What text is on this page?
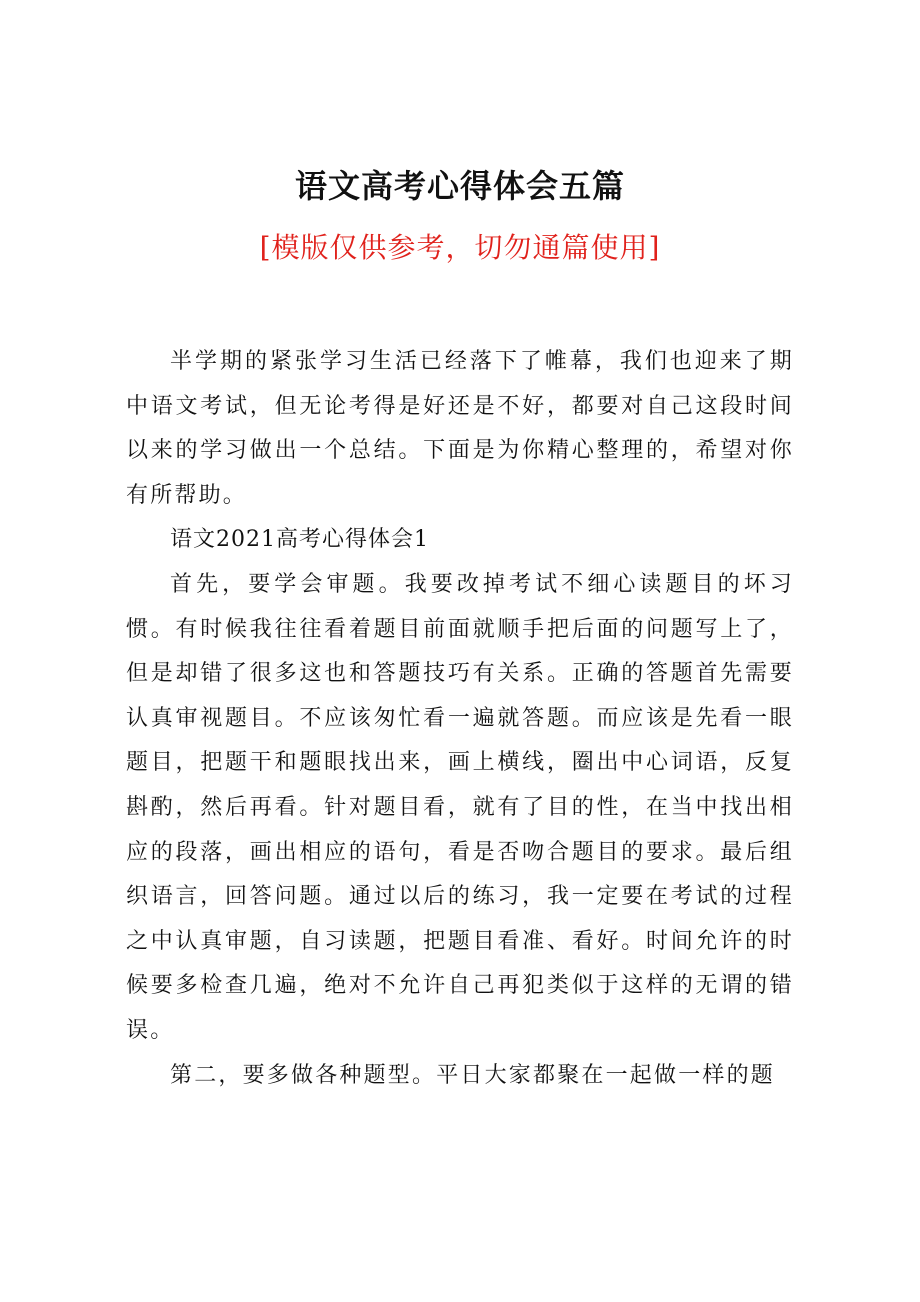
语文高考心得体会五篇
[模版仅供参考，切勿通篇使用]

半学期的紧张学习生活已经落下了帷幕，我们也迎来了期中语文考试，但无论考得是好还是不好，都要对自己这段时间以来的学习做出一个总结。下面是为你精心整理的，希望对你有所帮助。

语文2021高考心得体会1

首先，要学会审题。我要改掉考试不细心读题目的坏习惯。有时候我往往看着题目前面就顺手把后面的问题写上了，但是却错了很多这也和答题技巧有关系。正确的答题首先需要认真审视题目。不应该匆忙看一遍就答题。而应该是先看一眼题目，把题干和题眼找出来，画上横线，圈出中心词语，反复斟酌，然后再看。针对题目看，就有了目的性，在当中找出相应的段落，画出相应的语句，看是否吻合题目的要求。最后组织语言，回答问题。通过以后的练习，我一定要在考试的过程之中认真审题，自习读题，把题目看准、看好。时间允许的时候要多检查几遍，绝对不允许自己再犯类似于这样的无谓的错误。

第二，要多做各种题型。平日大家都聚在一起做一样的题
